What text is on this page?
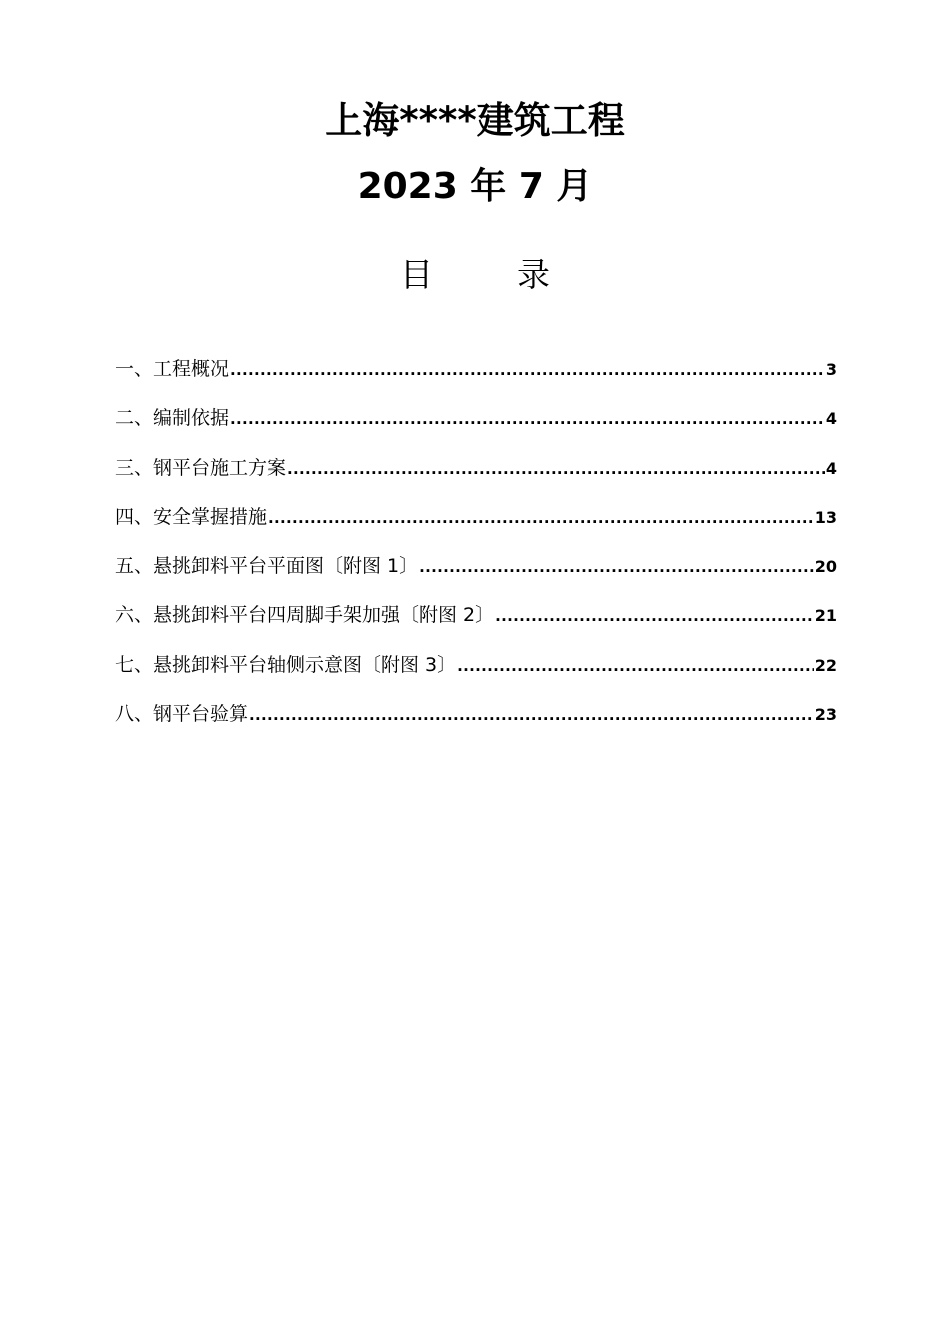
上海****建筑工程
2023 年 7 月
目	录
一、工程概况 .....	3
二、编制依据 .....	4
三、钢平台施工方案 .....	4
四、安全掌握措施 .....	13
五、悬挑卸料平台平面图〔附图 1〕 .....	20
六、悬挑卸料平台四周脚手架加强〔附图 2〕 .....	21
七、悬挑卸料平台轴侧示意图〔附图 3〕 .....	22
八、钢平台验算 .....	23
